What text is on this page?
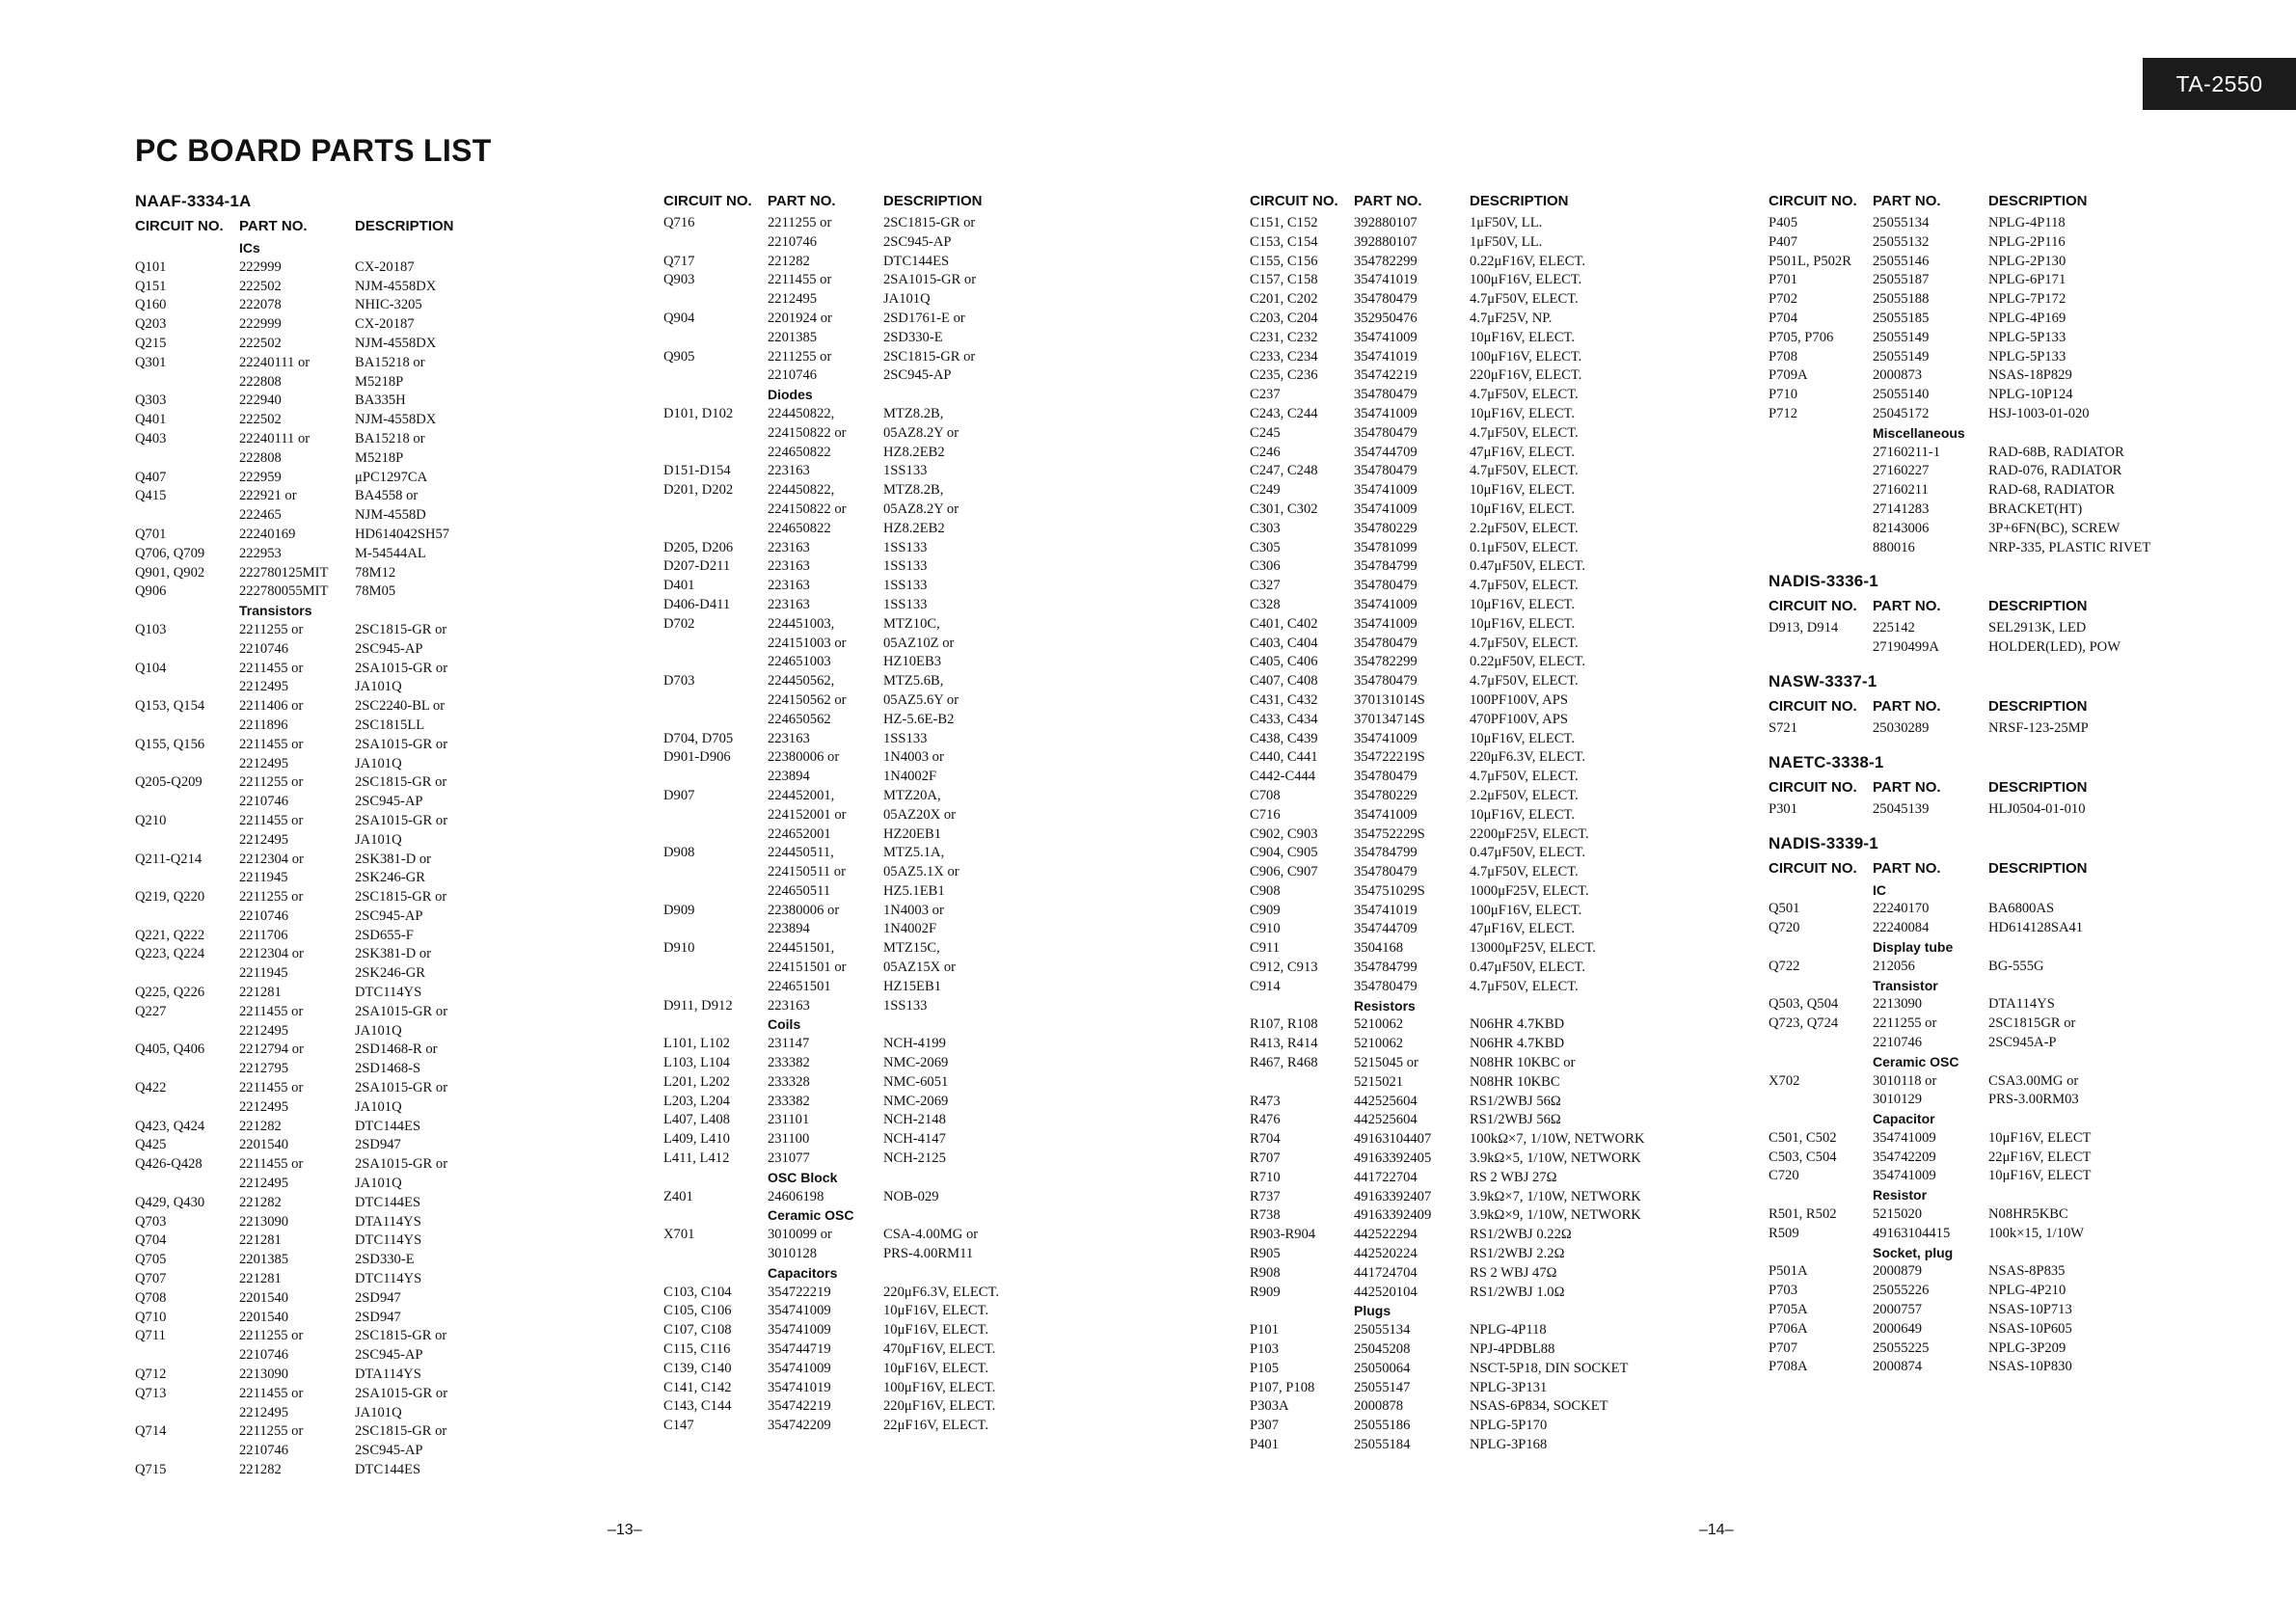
TA-2550
PC BOARD PARTS LIST
NAAF-3334-1A
CIRCUIT NO.	PART NO.	DESCRIPTION
ICs
Q101	222999	CX-20187
Q151	222502	NJM-4558DX
Q160	222078	NHIC-3205
Q203	222999	CX-20187
Q215	222502	NJM-4558DX
Q301	22240111 or	BA15218 or
222808	M5218P
Q303	222940	BA335H
Q401	222502	NJM-4558DX
Q403	22240111 or	BA15218 or
222808	M5218P
Q407	222959	μPC1297CA
Q415	222921 or	BA4558 or
222465	NJM-4558D
Q701	22240169	HD614042SH57
Q706, Q709	222953	M-54544AL
Q901, Q902	222780125MIT	78M12
Q906	222780055MIT	78M05
Transistors
Q103	2211255 or	2SC1815-GR or
2210746	2SC945-AP
Q104	2211455 or	2SA1015-GR or
2212495	JA101Q
Q153, Q154	2211406 or	2SC2240-BL or
2211896	2SC1815LL
Q155, Q156	2211455 or	2SA1015-GR or
2212495	JA101Q
Q205-Q209	2211255 or	2SC1815-GR or
2210746	2SC945-AP
Q210	2211455 or	2SA1015-GR or
2212495	JA101Q
Q211-Q214	2212304 or	2SK381-D or
2211945	2SK246-GR
Q219, Q220	2211255 or	2SC1815-GR or
2210746	2SC945-AP
Q221, Q222	2211706	2SD655-F
Q223, Q224	2212304 or	2SK381-D or
2211945	2SK246-GR
Q225, Q226	221281	DTC114YS
Q227	2211455 or	2SA1015-GR or
2212495	JA101Q
Q405, Q406	2212794 or	2SD1468-R or
2212795	2SD1468-S
Q422	2211455 or	2SA1015-GR or
2212495	JA101Q
Q423, Q424	221282	DTC144ES
Q425	2201540	2SD947
Q426-Q428	2211455 or	2SA1015-GR or
2212495	JA101Q
Q429, Q430	221282	DTC144ES
Q703	2213090	DTA114YS
Q704	221281	DTC114YS
Q705	2201385	2SD330-E
Q707	221281	DTC114YS
Q708	2201540	2SD947
Q710	2201540	2SD947
Q711	2211255 or	2SC1815-GR or
2210746	2SC945-AP
Q712	2213090	DTA114YS
Q713	2211455 or	2SA1015-GR or
2212495	JA101Q
Q714	2211255 or	2SC1815-GR or
2210746	2SC945-AP
Q715	221282	DTC144ES
CIRCUIT NO.	PART NO.	DESCRIPTION
Q716	2211255 or	2SC1815-GR or
2210746	2SC945-AP
Q717	221282	DTC144ES
Q903	2211455 or	2SA1015-GR or
2212495	JA101Q
Q904	2201924 or	2SD1761-E or
2201385	2SD330-E
Q905	2211255 or	2SC1815-GR or
2210746	2SC945-AP
Diodes
D101, D102	224450822,	MTZ8.2B,
224150822 or	05AZ8.2Y or
224650822	HZ8.2EB2
D151-D154	223163	1SS133
D201, D202	224450822,	MTZ8.2B,
224150822 or	05AZ8.2Y or
224650822	HZ8.2EB2
D205, D206	223163	1SS133
D207-D211	223163	1SS133
D401	223163	1SS133
D406-D411	223163	1SS133
D702	224451003,	MTZ10C,
224151003 or	05AZ10Z or
224651003	HZ10EB3
D703	224450562,	MTZ5.6B,
224150562 or	05AZ5.6Y or
224650562	HZ-5.6E-B2
D704, D705	223163	1SS133
D901-D906	22380006 or	1N4003 or
223894	1N4002F
D907	224452001,	MTZ20A,
224152001 or	05AZ20X or
224652001	HZ20EB1
D908	224450511,	MTZ5.1A,
224150511 or	05AZ5.1X or
224650511	HZ5.1EB1
D909	22380006 or	1N4003 or
223894	1N4002F
D910	224451501,	MTZ15C,
224151501 or	05AZ15X or
224651501	HZ15EB1
D911, D912	223163	1SS133
Coils
L101, L102	231147	NCH-4199
L103, L104	233382	NMC-2069
L201, L202	233328	NMC-6051
L203, L204	233382	NMC-2069
L407, L408	231101	NCH-2148
L409, L410	231100	NCH-4147
L411, L412	231077	NCH-2125
OSC Block
Z401	24606198	NOB-029
Ceramic OSC
X701	3010099 or	CSA-4.00MG or
3010128	PRS-4.00RM11
Capacitors
C103, C104	354722219	220μF6.3V, ELECT.
C105, C106	354741009	10μF16V, ELECT.
C107, C108	354741009	10μF16V, ELECT.
C115, C116	354744719	470μF16V, ELECT.
C139, C140	354741009	10μF16V, ELECT.
C141, C142	354741019	100μF16V, ELECT.
C143, C144	354742219	220μF16V, ELECT.
C147	354742209	22μF16V, ELECT.
CIRCUIT NO.	PART NO.	DESCRIPTION
C151, C152	392880107	1μF50V, LL.
C153, C154	392880107	1μF50V, LL.
C155, C156	354782299	0.22μF16V, ELECT.
C157, C158	354741019	100μF16V, ELECT.
C201, C202	354780479	4.7μF50V, ELECT.
C203, C204	352950476	4.7μF25V, NP.
C231, C232	354741009	10μF16V, ELECT.
C233, C234	354741019	100μF16V, ELECT.
C235, C236	354742219	220μF16V, ELECT.
C237	354780479	4.7μF50V, ELECT.
C243, C244	354741009	10μF16V, ELECT.
C245	354780479	4.7μF50V, ELECT.
C246	354744709	47μF16V, ELECT.
C247, C248	354780479	4.7μF50V, ELECT.
C249	354741009	10μF16V, ELECT.
C301, C302	354741009	10μF16V, ELECT.
C303	354780229	2.2μF50V, ELECT.
C305	354781099	0.1μF50V, ELECT.
C306	354784799	0.47μF50V, ELECT.
C327	354780479	4.7μF50V, ELECT.
C328	354741009	10μF16V, ELECT.
C401, C402	354741009	10μF16V, ELECT.
C403, C404	354780479	4.7μF50V, ELECT.
C405, C406	354782299	0.22μF50V, ELECT.
C407, C408	354780479	4.7μF50V, ELECT.
C431, C432	370131014S	100PF100V, APS
C433, C434	370134714S	470PF100V, APS
C438, C439	354741009	10μF16V, ELECT.
C440, C441	354722219S	220μF6.3V, ELECT.
C442-C444	354780479	4.7μF50V, ELECT.
C708	354780229	2.2μF50V, ELECT.
C716	354741009	10μF16V, ELECT.
C902, C903	354752229S	2200μF25V, ELECT.
C904, C905	354784799	0.47μF50V, ELECT.
C906, C907	354780479	4.7μF50V, ELECT.
C908	354751029S	1000μF25V, ELECT.
C909	354741019	100μF16V, ELECT.
C910	354744709	47μF16V, ELECT.
C911	3504168	13000μF25V, ELECT.
C912, C913	354784799	0.47μF50V, ELECT.
C914	354780479	4.7μF50V, ELECT.
Resistors
R107, R108	5210062	N06HR 4.7KBD
R413, R414	5210062	N06HR 4.7KBD
R467, R468	5215045 or	N08HR 10KBC or
5215021	N08HR 10KBC
R473	442525604	RS1/2WBJ 56Ω
R476	442525604	RS1/2WBJ 56Ω
R704	49163104407	100kΩ×7, 1/10W, NETWORK
R707	49163392405	3.9kΩ×5, 1/10W, NETWORK
R710	441722704	RS 2 WBJ 27Ω
R737	49163392407	3.9kΩ×7, 1/10W, NETWORK
R738	49163392409	3.9kΩ×9, 1/10W, NETWORK
R903-R904	442522294	RS1/2WBJ 0.22Ω
R905	442520224	RS1/2WBJ 2.2Ω
R908	441724704	RS 2 WBJ 47Ω
R909	442520104	RS1/2WBJ 1.0Ω
Plugs
P101	25055134	NPLG-4P118
P103	25045208	NPJ-4PDBL88
P105	25050064	NSCT-5P18, DIN SOCKET
P107, P108	25055147	NPLG-3P131
P303A	2000878	NSAS-6P834, SOCKET
P307	25055186	NPLG-5P170
P401	25055184	NPLG-3P168
CIRCUIT NO.	PART NO.	DESCRIPTION
P405	25055134	NPLG-4P118
P407	25055132	NPLG-2P116
P501L, P502R	25055146	NPLG-2P130
P701	25055187	NPLG-6P171
P702	25055188	NPLG-7P172
P704	25055185	NPLG-4P169
P705, P706	25055149	NPLG-5P133
P708	25055149	NPLG-5P133
P709A	2000873	NSAS-18P829
P710	25055140	NPLG-10P124
P712	25045172	HSJ-1003-01-020
Miscellaneous
27160211-1	RAD-68B, RADIATOR
27160227	RAD-076, RADIATOR
27160211	RAD-68, RADIATOR
27141283	BRACKET(HT)
82143006	3P+6FN(BC), SCREW
880016	NRP-335, PLASTIC RIVET
NADIS-3336-1
CIRCUIT NO.	PART NO.	DESCRIPTION
D913, D914	225142	SEL2913K, LED
27190499A	HOLDER(LED), POW
NASW-3337-1
CIRCUIT NO.	PART NO.	DESCRIPTION
S721	25030289	NRSF-123-25MP
NAETC-3338-1
CIRCUIT NO.	PART NO.	DESCRIPTION
P301	25045139	HLJ0504-01-010
NADIS-3339-1
CIRCUIT NO.	PART NO.	DESCRIPTION
IC
Q501	22240170	BA6800AS
Q720	22240084	HD614128SA41
Display tube
Q722	212056	BG-555G
Transistor
Q503, Q504	2213090	DTA114YS
Q723, Q724	2211255 or	2SC1815GR or
2210746	2SC945A-P
Ceramic OSC
X702	3010118 or	CSA3.00MG or
3010129	PRS-3.00RM03
Capacitor
C501, C502	354741009	10μF16V, ELECT
C503, C504	354742209	22μF16V, ELECT
C720	354741009	10μF16V, ELECT
Resistor
R501, R502	5215020	N08HR5KBC
R509	49163104415	100k×15, 1/10W
Socket, plug
P501A	2000879	NSAS-8P835
P703	25055226	NPLG-4P210
P705A	2000757	NSAS-10P713
P706A	2000649	NSAS-10P605
P707	25055225	NPLG-3P209
P708A	2000874	NSAS-10P830
–13–	–14–
